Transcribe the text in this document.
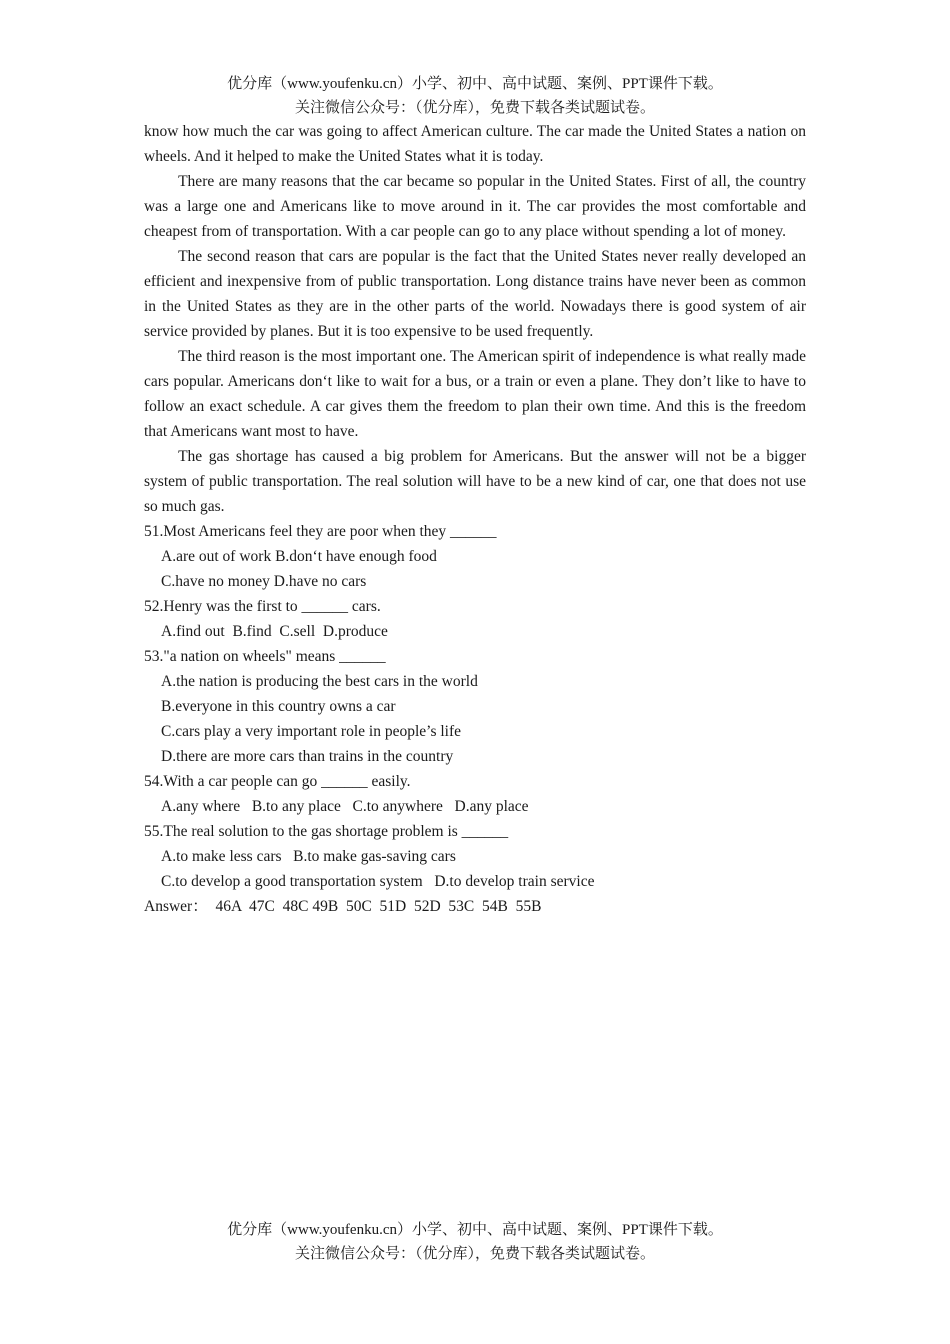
优分库（www.youfenku.cn）小学、初中、高中试题、案例、PPT课件下载。
关注微信公众号：（优分库），免费下载各类试题试卷。

know how much the car was going to affect American culture. The car made the United States a nation on wheels. And it helped to make the United States what it is today.

There are many reasons that the car became so popular in the United States. First of all, the country was a large one and Americans like to move around in it. The car provides the most comfortable and cheapest from of transportation. With a car people can go to any place without spending a lot of money.

The second reason that cars are popular is the fact that the United States never really developed an efficient and inexpensive from of public transportation. Long distance trains have never been as common in the United States as they are in the other parts of the world. Nowadays there is good system of air service provided by planes. But it is too expensive to be used frequently.

The third reason is the most important one. The American spirit of independence is what really made cars popular. Americans don‘t like to wait for a bus, or a train or even a plane. They don’t like to have to follow an exact schedule. A car gives them the freedom to plan their own time. And this is the freedom that Americans want most to have.

The gas shortage has caused a big problem for Americans. But the answer will not be a bigger system of public transportation. The real solution will have to be a new kind of car, one that does not use so much gas.

51.Most Americans feel they are poor when they ______

A.are out of work B.don‘t have enough food

C.have no money D.have no cars

52.Henry was the first to ______ cars.

A.find out  B.find  C.sell  D.produce

53."a nation on wheels" means ______

A.the nation is producing the best cars in the world

B.everyone in this country owns a car

C.cars play a very important role in people’s life

D.there are more cars than trains in the country

54.With a car people can go ______ easily.

A.any where   B.to any place   C.to anywhere   D.any place

55.The real solution to the gas shortage problem is ______

A.to make less cars   B.to make gas-saving cars

C.to develop a good transportation system   D.to develop train service

Answer：  46A  47C  48C 49B  50C  51D  52D  53C  54B  55B

优分库（www.youfenku.cn）小学、初中、高中试题、案例、PPT课件下载。
关注微信公众号：（优分库），免费下载各类试题试卷。
